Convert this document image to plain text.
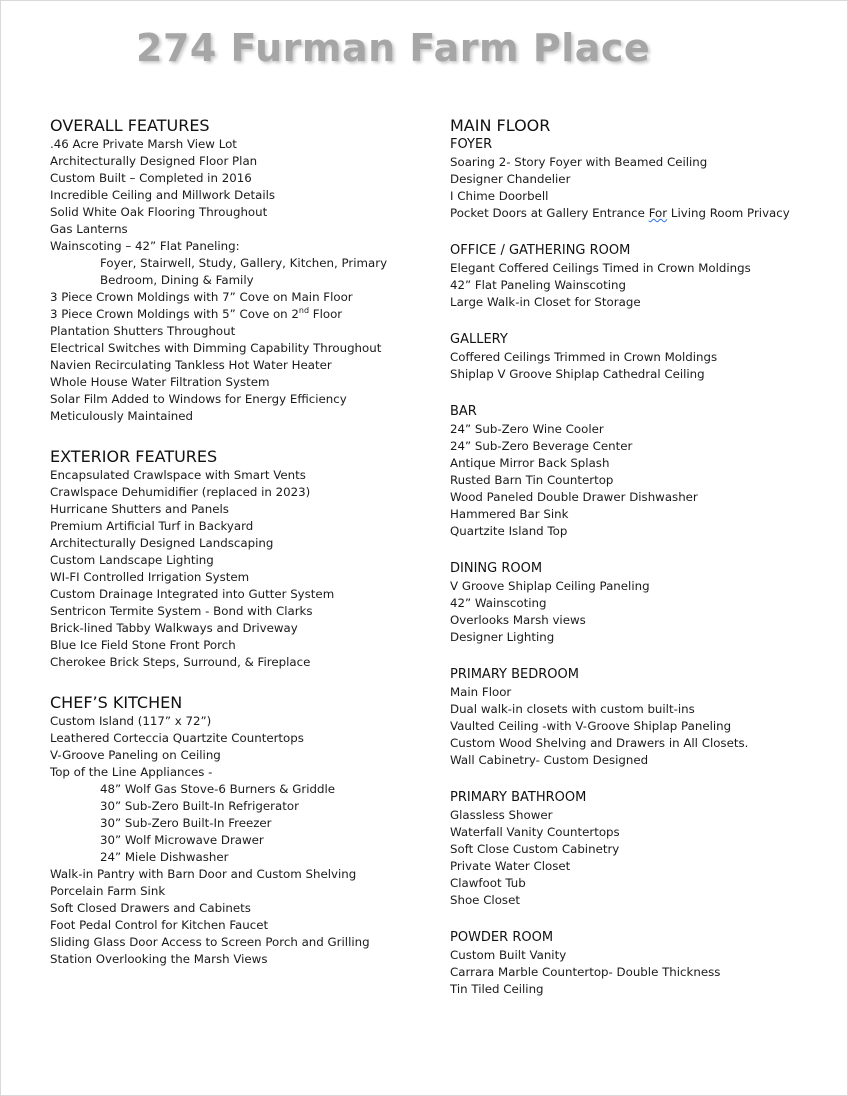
274 Furman Farm Place
OVERALL FEATURES
.46 Acre Private Marsh View Lot
Architecturally Designed Floor Plan
Custom Built – Completed in 2016
Incredible Ceiling and Millwork Details
Solid White Oak Flooring Throughout
Gas Lanterns
Wainscoting – 42” Flat Paneling:
Foyer, Stairwell, Study, Gallery, Kitchen, Primary
Bedroom, Dining & Family
3 Piece Crown Moldings with 7” Cove on Main Floor
3 Piece Crown Moldings with 5” Cove on 2nd Floor
Plantation Shutters Throughout
Electrical Switches with Dimming Capability Throughout
Navien Recirculating Tankless Hot Water Heater
Whole House Water Filtration System
Solar Film Added to Windows for Energy Efficiency
Meticulously Maintained
EXTERIOR FEATURES
Encapsulated Crawlspace with Smart Vents
Crawlspace Dehumidifier (replaced in 2023)
Hurricane Shutters and Panels
Premium Artificial Turf in Backyard
Architecturally Designed Landscaping
Custom Landscape Lighting
WI-FI Controlled Irrigation System
Custom Drainage Integrated into Gutter System
Sentricon Termite System - Bond with Clarks
Brick-lined Tabby Walkways and Driveway
Blue Ice Field Stone Front Porch
Cherokee Brick Steps, Surround, & Fireplace
CHEF’S KITCHEN
Custom Island (117” x 72”)
Leathered Corteccia Quartzite Countertops
V-Groove Paneling on Ceiling
Top of the Line Appliances -
48” Wolf Gas Stove-6 Burners & Griddle
30” Sub-Zero Built-In Refrigerator
30” Sub-Zero Built-In Freezer
30” Wolf Microwave Drawer
24” Miele Dishwasher
Walk-in Pantry with Barn Door and Custom Shelving
Porcelain Farm Sink
Soft Closed Drawers and Cabinets
Foot Pedal Control for Kitchen Faucet
Sliding Glass Door Access to Screen Porch and Grilling
Station Overlooking the Marsh Views
MAIN FLOOR
FOYER
Soaring 2- Story Foyer with Beamed Ceiling
Designer Chandelier
I Chime Doorbell
Pocket Doors at Gallery Entrance For Living Room Privacy
OFFICE / GATHERING ROOM
Elegant Coffered Ceilings Timed in Crown Moldings
42” Flat Paneling Wainscoting
Large Walk-in Closet for Storage
GALLERY
Coffered Ceilings Trimmed in Crown Moldings
Shiplap V Groove Shiplap Cathedral Ceiling
BAR
24” Sub-Zero Wine Cooler
24” Sub-Zero Beverage Center
Antique Mirror Back Splash
Rusted Barn Tin Countertop
Wood Paneled Double Drawer Dishwasher
Hammered Bar Sink
Quartzite Island Top
DINING ROOM
V Groove Shiplap Ceiling Paneling
42” Wainscoting
Overlooks Marsh views
Designer Lighting
PRIMARY BEDROOM
Main Floor
Dual walk-in closets with custom built-ins
Vaulted Ceiling -with V-Groove Shiplap Paneling
Custom Wood Shelving and Drawers in All Closets.
Wall Cabinetry- Custom Designed
PRIMARY BATHROOM
Glassless Shower
Waterfall Vanity Countertops
Soft Close Custom Cabinetry
Private Water Closet
Clawfoot Tub
Shoe Closet
POWDER ROOM
Custom Built Vanity
Carrara Marble Countertop- Double Thickness
Tin Tiled Ceiling
